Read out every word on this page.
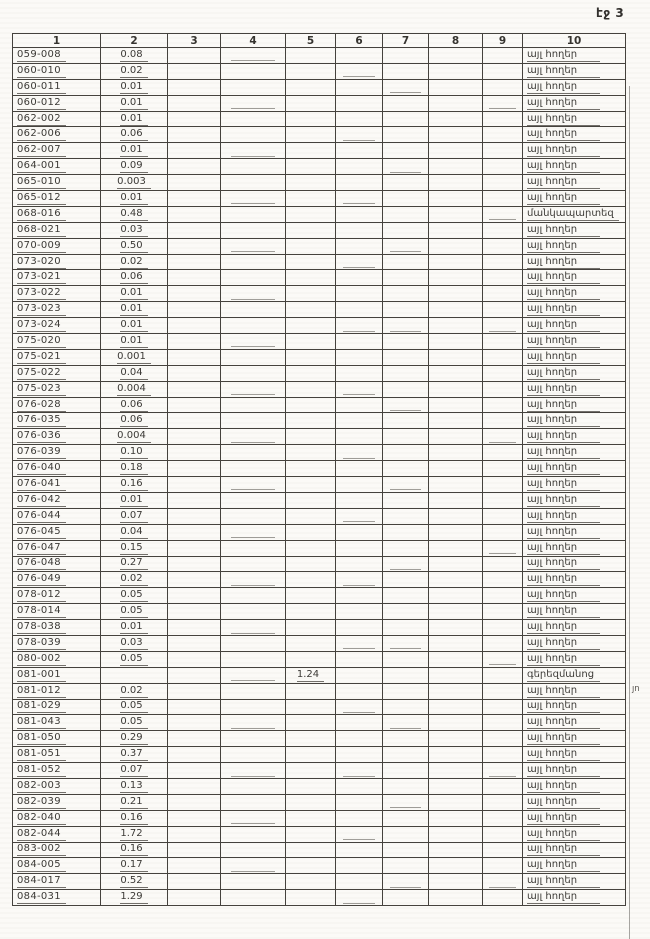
էջ 3
1	2	3	4	5	6	7	8	9	10
059-008	0.08								այլ հողեր
060-010	0.02								այլ հողեր
060-011	0.01								այլ հողեր
060-012	0.01								այլ հողեր
062-002	0.01								այլ հողեր
062-006	0.06								այլ հողեր
062-007	0.01								այլ հողեր
064-001	0.09								այլ հողեր
065-010	0.003								այլ հողեր
065-012	0.01								այլ հողեր
068-016	0.48								մանկապարտեզ
068-021	0.03								այլ հողեր
070-009	0.50								այլ հողեր
073-020	0.02								այլ հողեր
073-021	0.06								այլ հողեր
073-022	0.01								այլ հողեր
073-023	0.01								այլ հողեր
073-024	0.01								այլ հողեր
075-020	0.01								այլ հողեր
075-021	0.001								այլ հողեր
075-022	0.04								այլ հողեր
075-023	0.004								այլ հողեր
076-028	0.06								այլ հողեր
076-035	0.06								այլ հողեր
076-036	0.004								այլ հողեր
076-039	0.10								այլ հողեր
076-040	0.18								այլ հողեր
076-041	0.16								այլ հողեր
076-042	0.01								այլ հողեր
076-044	0.07								այլ հողեր
076-045	0.04								այլ հողեր
076-047	0.15								այլ հողեր
076-048	0.27								այլ հողեր
076-049	0.02								այլ հողեր
078-012	0.05								այլ հողեր
078-014	0.05								այլ հողեր
078-038	0.01								այլ հողեր
078-039	0.03								այլ հողեր
080-002	0.05								այլ հողեր
081-001				1.24					գերեզմանոց
081-012	0.02								այլ հողեր
081-029	0.05								այլ հողեր
081-043	0.05								այլ հողեր
081-050	0.29								այլ հողեր
081-051	0.37								այլ հողեր
081-052	0.07								այլ հողեր
082-003	0.13								այլ հողեր
082-039	0.21								այլ հողեր
082-040	0.16								այլ հողեր
082-044	1.72								այլ հողեր
083-002	0.16								այլ հողեր
084-005	0.17								այլ հողեր
084-017	0.52								այլ հողեր
084-031	1.29								այլ հողեր
յո
